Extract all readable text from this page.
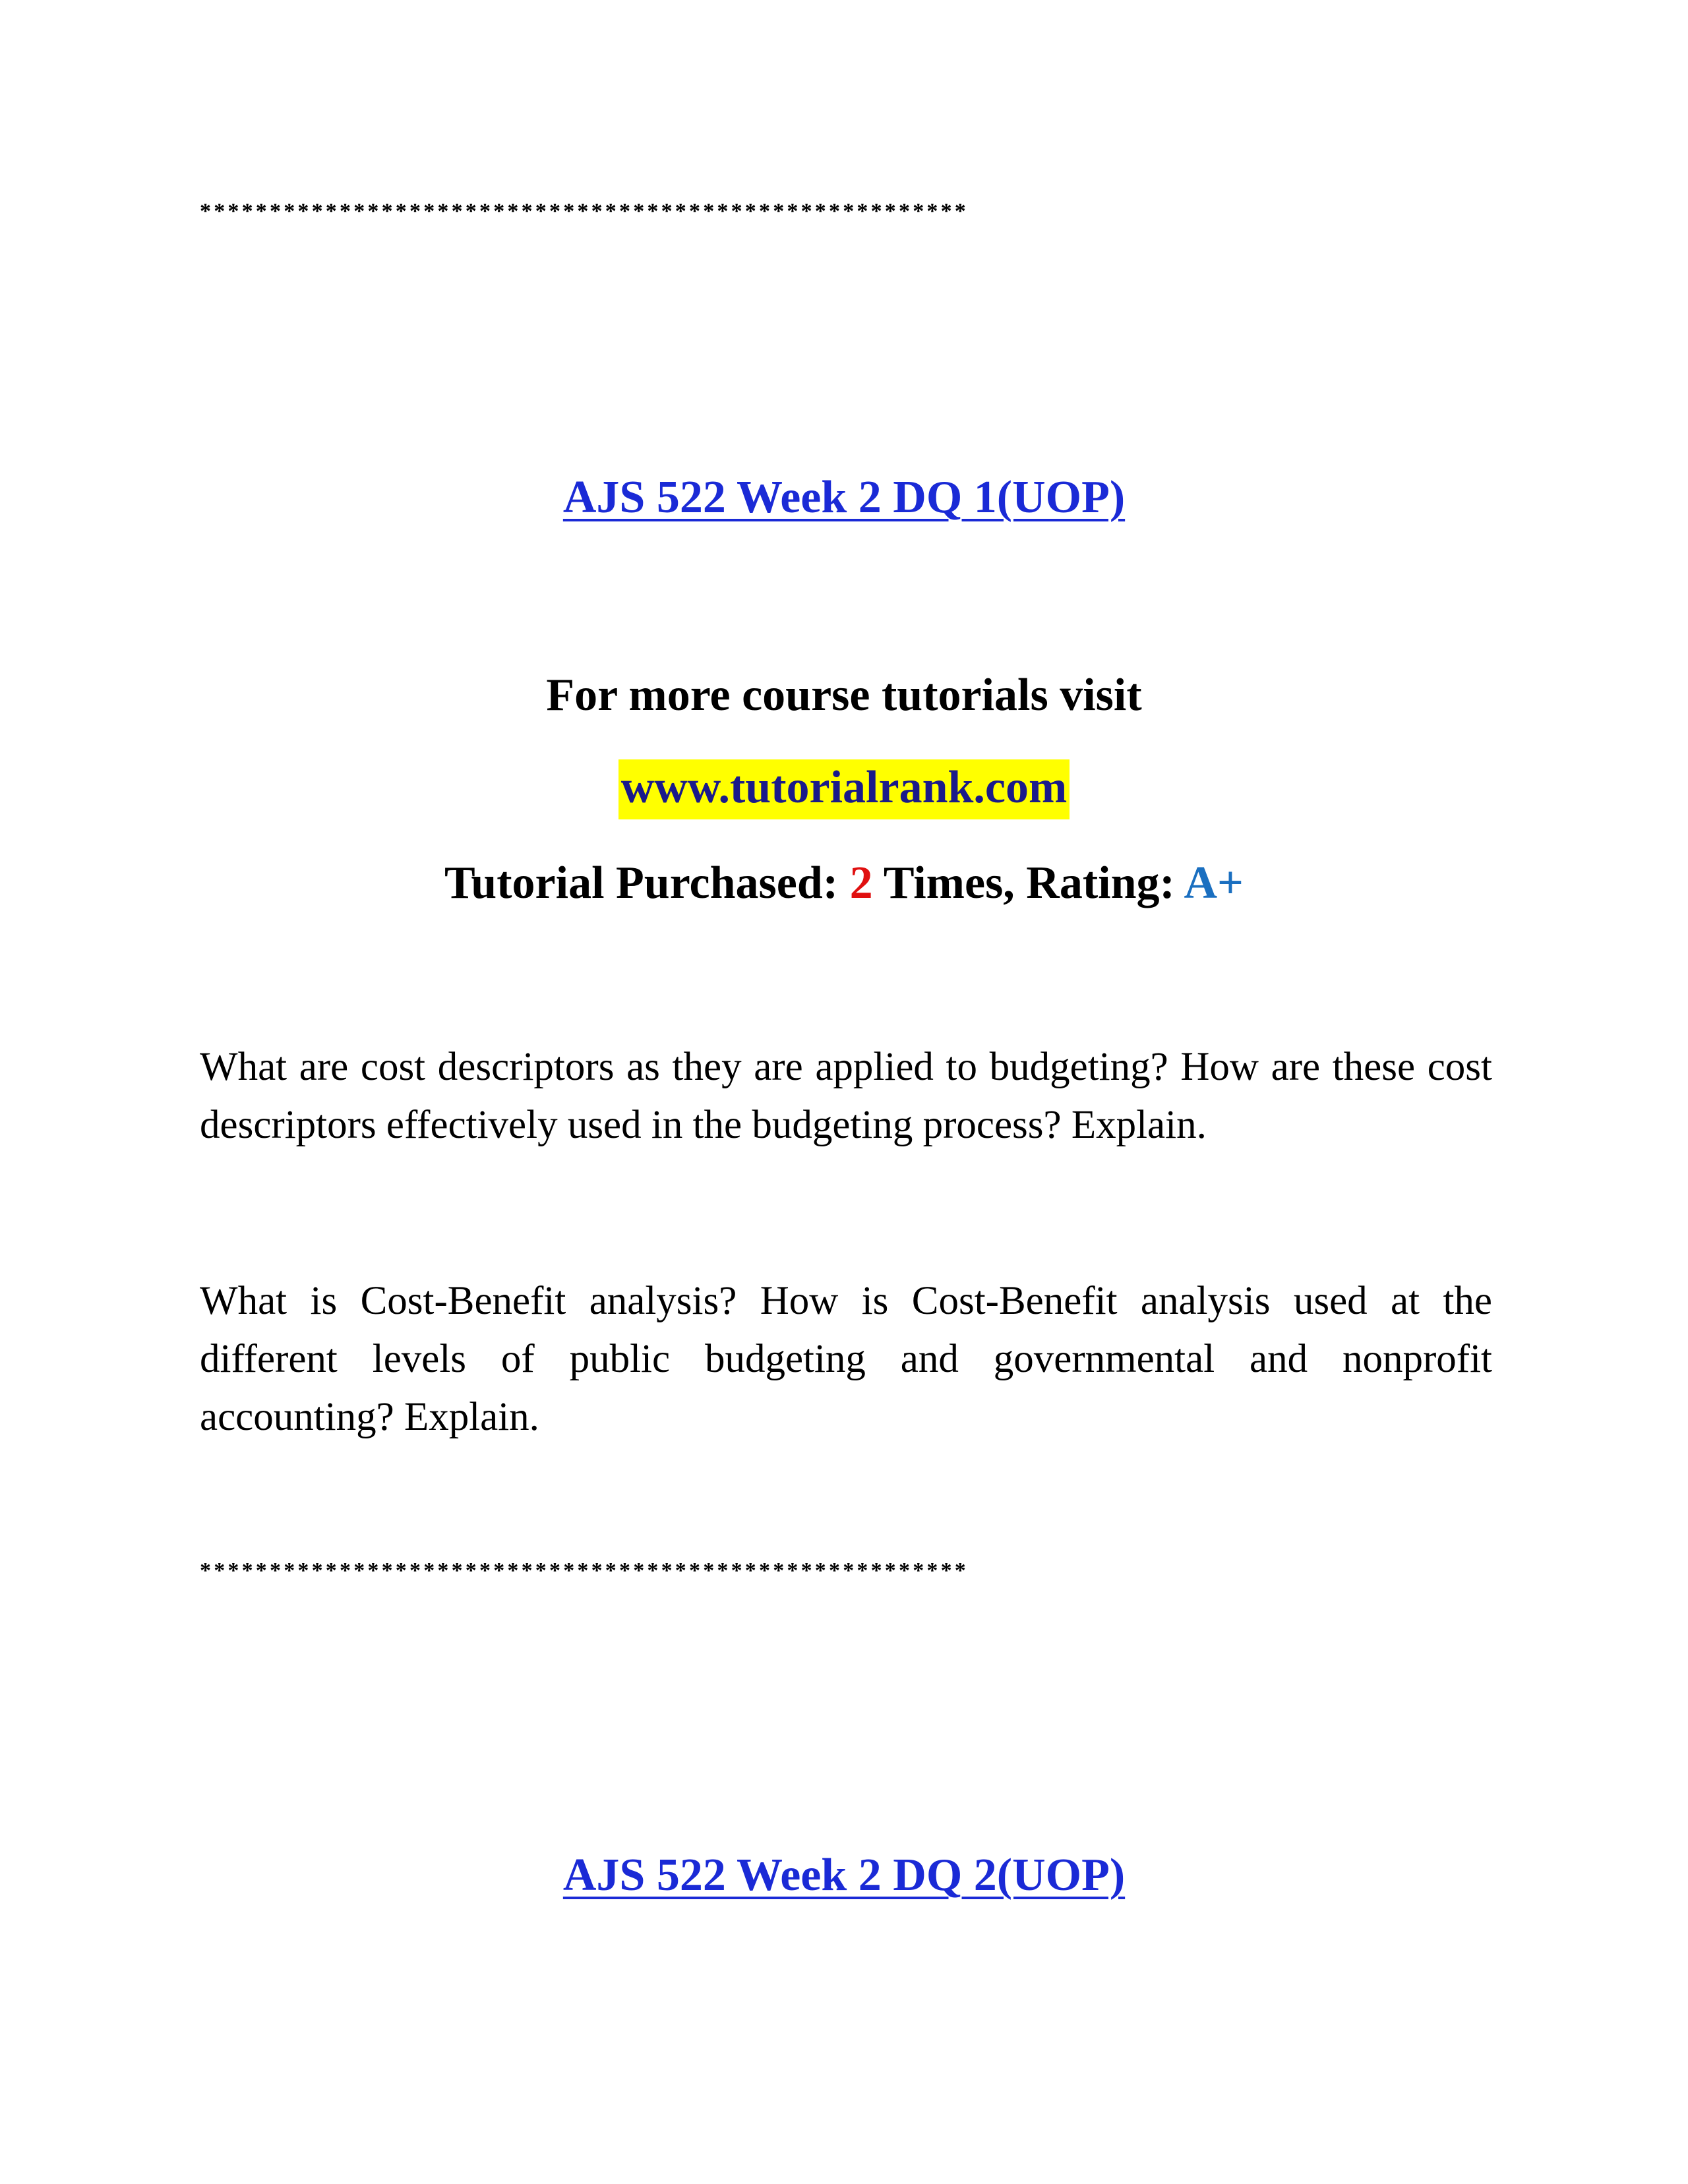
*******************************************************
AJS 522 Week 2 DQ 1(UOP)
For more course tutorials visit
www.tutorialrank.com
Tutorial Purchased: 2 Times, Rating: A+

What are cost descriptors as they are applied to budgeting? How are these cost descriptors effectively used in the budgeting process? Explain.

What is Cost-Benefit analysis? How is Cost-Benefit analysis used at the different levels of public budgeting and governmental and nonprofit accounting? Explain.

*******************************************************
AJS 522 Week 2 DQ 2(UOP)
